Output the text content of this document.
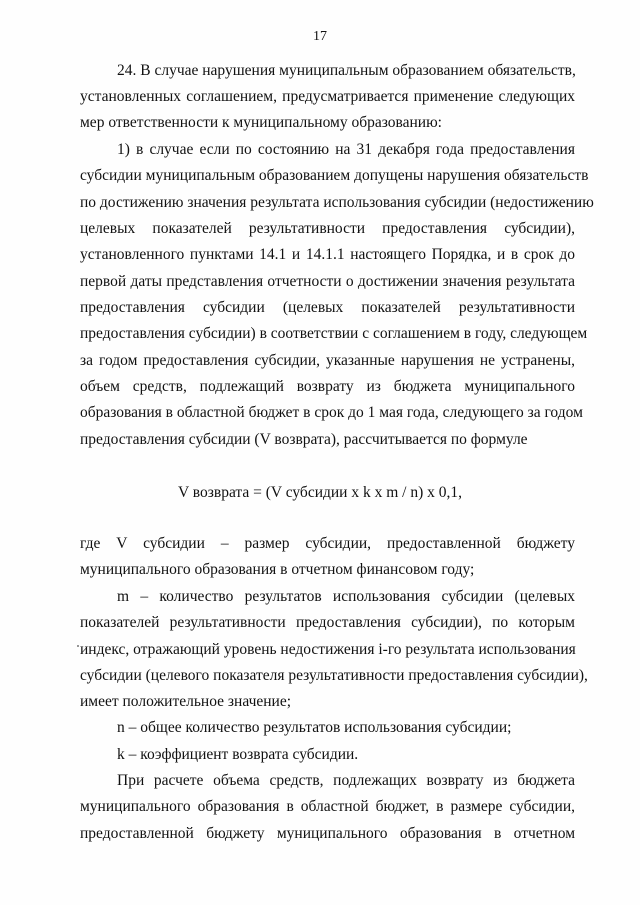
17
24. В случае нарушения муниципальным образованием обязательств,
установленных соглашением, предусматривается применение следующих
мер ответственности к муниципальному образованию:
1) в случае если по состоянию на 31 декабря года предоставления
субсидии муниципальным образованием допущены нарушения обязательств
по достижению значения результата использования субсидии (недостижению
целевых показателей результативности предоставления субсидии),
установленного пунктами 14.1 и 14.1.1 настоящего Порядка, и в срок до
первой даты представления отчетности о достижении значения результата
предоставления субсидии (целевых показателей результативности
предоставления субсидии) в соответствии с соглашением в году, следующем
за годом предоставления субсидии, указанные нарушения не устранены,
объем средств, подлежащий возврату из бюджета муниципального
образования в областной бюджет в срок до 1 мая года, следующего за годом
предоставления субсидии (V возврата), рассчитывается по формуле
где V субсидии – размер субсидии, предоставленной бюджету
муниципального образования в отчетном финансовом году;
m – количество результатов использования субсидии (целевых
показателей результативности предоставления субсидии), по которым
индекс, отражающий уровень недостижения i-го результата использования
субсидии (целевого показателя результативности предоставления субсидии),
имеет положительное значение;
n – общее количество результатов использования субсидии;
k – коэффициент возврата субсидии.
При расчете объема средств, подлежащих возврату из бюджета
муниципального образования в областной бюджет, в размере субсидии,
предоставленной бюджету муниципального образования в отчетном
V возврата = (V субсидии x k x m / n) x 0,1,
